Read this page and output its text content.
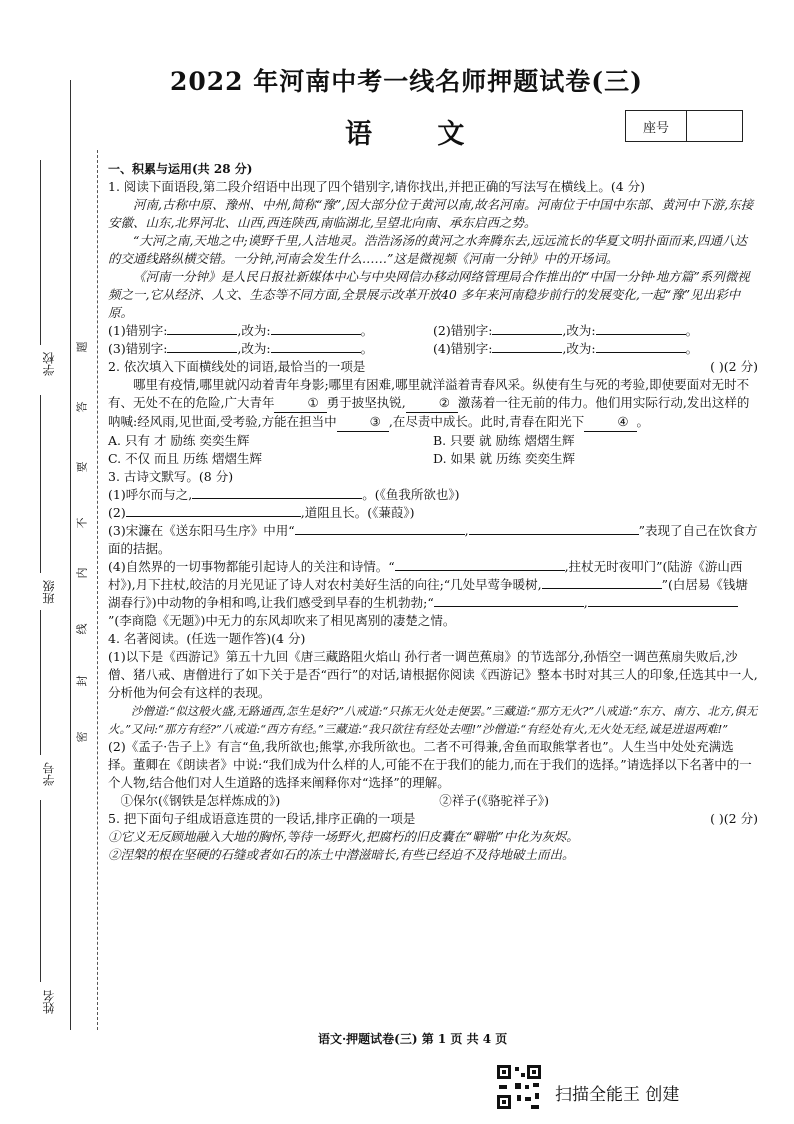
2022 年河南中考一线名师押题试卷(三)
语 文	座号
学校
班级
学号
姓名
题
答
要
不
内
线
封
密

一、积累与运用(共 28 分)

1. 阅读下面语段,第二段介绍语中出现了四个错别字,请你找出,并把正确的写法写在横线上。(4 分)

河南,古称中原、豫州、中州,简称“豫”,因大部分位于黄河以南,故名河南。河南位于中国中东部、黄河中下游,东接安徽、山东,北界河北、山西,西连陕西,南临湖北,呈望北向南、承东启西之势。

“大河之南,天地之中;谟野千里,人洁地灵。浩浩汤汤的黄河之水奔腾东去,远远流长的华夏文明扑面而来,四通八达的交通线路纵横交错。一分钟,河南会发生什么……”这是微视频《河南一分钟》中的开场词。

《河南一分钟》是人民日报社新媒体中心与中央网信办移动网络管理局合作推出的“中国一分钟·地方篇”系列微视频之一,它从经济、人文、生态等不同方面,全景展示改革开放40 多年来河南稳步前行的发展变化,一起“豫”见出彩中原。

(1)错别字:	,改为:	。	(2)错别字:	,改为:	。
(3)错别字:	,改为:	。	(4)错别字:	,改为:	。

2. 依次填入下面横线处的词语,最恰当的一项是	( )(2 分)

哪里有疫情,哪里就闪动着青年身影;哪里有困难,哪里就洋溢着青春风采。纵使有生与死的考验,即使要面对无时不有、无处不在的危险,广大青年	① 勇于披坚执锐,	② 激荡着一往无前的伟力。他们用实际行动,发出这样的呐喊:经风雨,见世面,受考验,方能在担当中	③ ,在尽责中成长。此时,青春在阳光下	④ 。

A. 只有 才 励练 奕奕生辉	B. 只要 就 励练 熠熠生辉
C. 不仅 而且 历练 熠熠生辉	D. 如果 就 历练 奕奕生辉

3. 古诗文默写。(8 分)

(1)呼尔而与之,	。(《鱼我所欲也》)

(2)	,道阻且长。(《蒹葭》)

(3)宋濂在《送东阳马生序》中用“	,	”表现了自己在饮食方面的拮据。

(4)自然界的一切事物都能引起诗人的关注和诗情。“	,拄杖无时夜叩门”(陆游《游山西村》),月下拄杖,皎洁的月光见证了诗人对农村美好生活的向往;“几处早莺争暖树,	”(白居易《钱塘湖春行》)中动物的争相和鸣,让我们感受到早春的生机勃勃;“	,”(李商隐《无题》)中无力的东风却吹来了相见离别的凄楚之情。

4. 名著阅读。(任选一题作答)(4 分)

(1)以下是《西游记》第五十九回《唐三藏路阻火焰山 孙行者一调芭蕉扇》的节选部分,孙悟空一调芭蕉扇失败后,沙僧、猪八戒、唐僧进行了如下关于是否“西行”的对话,请根据你阅读《西游记》整本书时对其三人的印象,任选其中一人,分析他为何会有这样的表现。

沙僧道:“似这般火盛,无路通西,怎生是好?”八戒道:“只拣无火处走便罢。”三藏道:“那方无火?”八戒道:“东方、南方、北方,俱无火。”又问:“那方有经?”八戒道:“西方有经。”三藏道:“我只欲往有经处去哩!”沙僧道:“有经处有火,无火处无经,诚是进退两难!”

(2)《孟子·告子上》有言“鱼,我所欲也;熊掌,亦我所欲也。二者不可得兼,舍鱼而取熊掌者也”。人生当中处处充满选择。董卿在《朗读者》中说:“我们成为什么样的人,可能不在于我们的能力,而在于我们的选择。”请选择以下名著中的一个人物,结合他们对人生道路的选择来阐释你对“选择”的理解。

①保尔(《钢铁是怎样炼成的》)	②祥子(《骆驼祥子》)

5. 把下面句子组成语意连贯的一段话,排序正确的一项是	( )(2 分)

①它义无反顾地融入大地的胸怀,等待一场野火,把腐朽的旧皮囊在“噼啪”中化为灰烬。

②涅槃的根在坚硬的石缝或者如石的冻土中潜滋暗长,有些已经迫不及待地破土而出。

语文·押题试卷(三) 第 1 页 共 4 页
扫描全能王 创建
